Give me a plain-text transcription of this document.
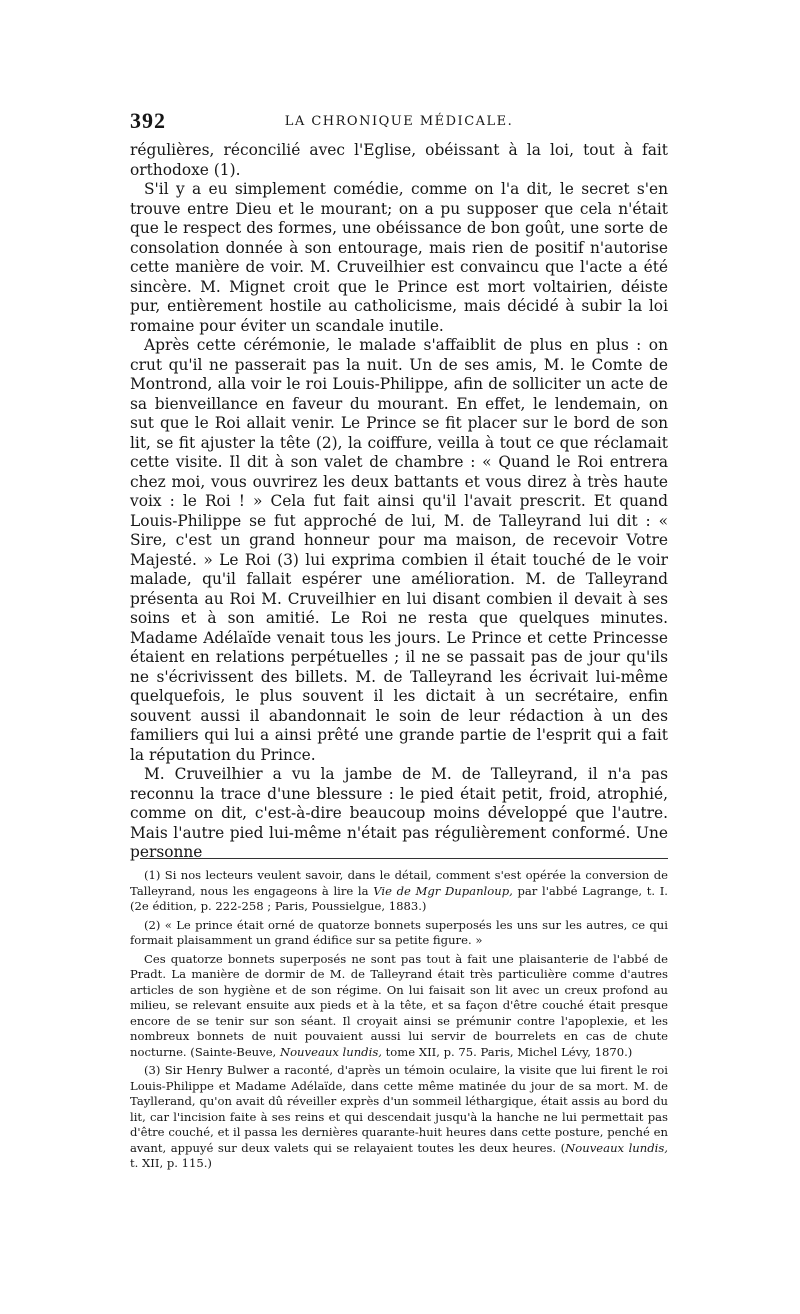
392	LA CHRONIQUE MÉDICALE.

régulières, réconcilié avec l'Eglise, obéissant à la loi, tout à fait orthodoxe (1).

S'il y a eu simplement comédie, comme on l'a dit, le secret s'en trouve entre Dieu et le mourant; on a pu supposer que cela n'était que le respect des formes, une obéissance de bon goût, une sorte de consolation donnée à son entourage, mais rien de positif n'autorise cette manière de voir. M. Cruveilhier est convaincu que l'acte a été sincère. M. Mignet croit que le Prince est mort voltairien, déiste pur, entièrement hostile au catholicisme, mais décidé à subir la loi romaine pour éviter un scandale inutile.

Après cette cérémonie, le malade s'affaiblit de plus en plus : on crut qu'il ne passerait pas la nuit. Un de ses amis, M. le Comte de Montrond, alla voir le roi Louis-Philippe, afin de solliciter un acte de sa bienveillance en faveur du mourant. En effet, le lendemain, on sut que le Roi allait venir. Le Prince se fit placer sur le bord de son lit, se fit ajuster la tête (2), la coiffure, veilla à tout ce que réclamait cette visite. Il dit à son valet de chambre : « Quand le Roi entrera chez moi, vous ouvrirez les deux battants et vous direz à très haute voix : le Roi ! » Cela fut fait ainsi qu'il l'avait prescrit. Et quand Louis-Philippe se fut approché de lui, M. de Talleyrand lui dit : « Sire, c'est un grand honneur pour ma maison, de recevoir Votre Majesté. » Le Roi (3) lui exprima combien il était touché de le voir malade, qu'il fallait espérer une amélioration. M. de Talleyrand présenta au Roi M. Cruveilhier en lui disant combien il devait à ses soins et à son amitié. Le Roi ne resta que quelques minutes. Madame Adélaïde venait tous les jours. Le Prince et cette Princesse étaient en relations perpétuelles ; il ne se passait pas de jour qu'ils ne s'écrivissent des billets. M. de Talleyrand les écrivait lui-même quelquefois, le plus souvent il les dictait à un secrétaire, enfin souvent aussi il abandonnait le soin de leur rédaction à un des familiers qui lui a ainsi prêté une grande partie de l'esprit qui a fait la réputation du Prince.

M. Cruveilhier a vu la jambe de M. de Talleyrand, il n'a pas reconnu la trace d'une blessure : le pied était petit, froid, atrophié, comme on dit, c'est-à-dire beaucoup moins développé que l'autre. Mais l'autre pied lui-même n'était pas régulièrement conformé. Une personne

(1) Si nos lecteurs veulent savoir, dans le détail, comment s'est opérée la conversion de Talleyrand, nous les engageons à lire la Vie de Mgr Dupanloup, par l'abbé Lagrange, t. I. (2e édition, p. 222-258 ; Paris, Poussielgue, 1883.)

(2) « Le prince était orné de quatorze bonnets superposés les uns sur les autres, ce qui formait plaisamment un grand édifice sur sa petite figure. »

Ces quatorze bonnets superposés ne sont pas tout à fait une plaisanterie de l'abbé de Pradt. La manière de dormir de M. de Talleyrand était très particulière comme d'autres articles de son hygiène et de son régime. On lui faisait son lit avec un creux profond au milieu, se relevant ensuite aux pieds et à la tête, et sa façon d'être couché était presque encore de se tenir sur son séant. Il croyait ainsi se prémunir contre l'apoplexie, et les nombreux bonnets de nuit pouvaient aussi lui servir de bourrelets en cas de chute nocturne. (Sainte-Beuve, Nouveaux lundis, tome XII, p. 75. Paris, Michel Lévy, 1870.)

(3) Sir Henry Bulwer a raconté, d'après un témoin oculaire, la visite que lui firent le roi Louis-Philippe et Madame Adélaïde, dans cette même matinée du jour de sa mort. M. de Tayllerand, qu'on avait dû réveiller exprès d'un sommeil léthargique, était assis au bord du lit, car l'incision faite à ses reins et qui descendait jusqu'à la hanche ne lui permettait pas d'être couché, et il passa les dernières quarante-huit heures dans cette posture, penché en avant, appuyé sur deux valets qui se relayaient toutes les deux heures. (Nouveaux lundis, t. XII, p. 115.)
